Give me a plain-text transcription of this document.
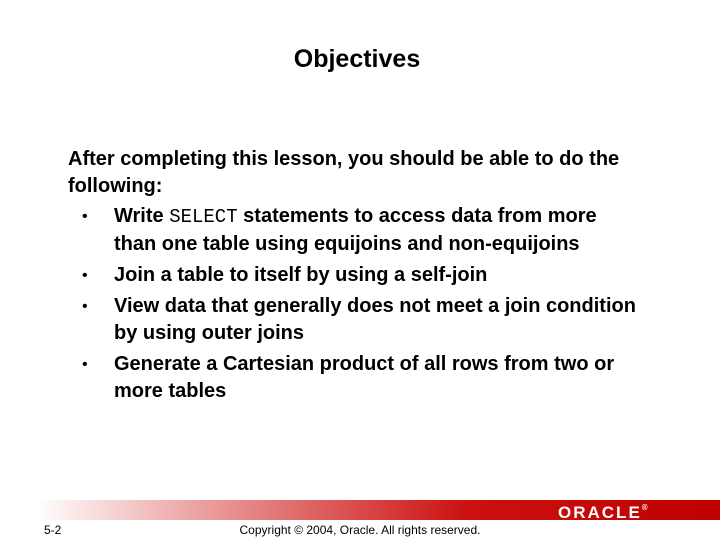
Objectives
After completing this lesson, you should be able to do the following:
• Write SELECT statements to access data from more than one table using equijoins and non-equijoins
• Join a table to itself by using a self-join
• View data that generally does not meet a join condition by using outer joins
• Generate a Cartesian product of all rows from two or more tables
ORACLE®
5-2	Copyright © 2004, Oracle. All rights reserved.
